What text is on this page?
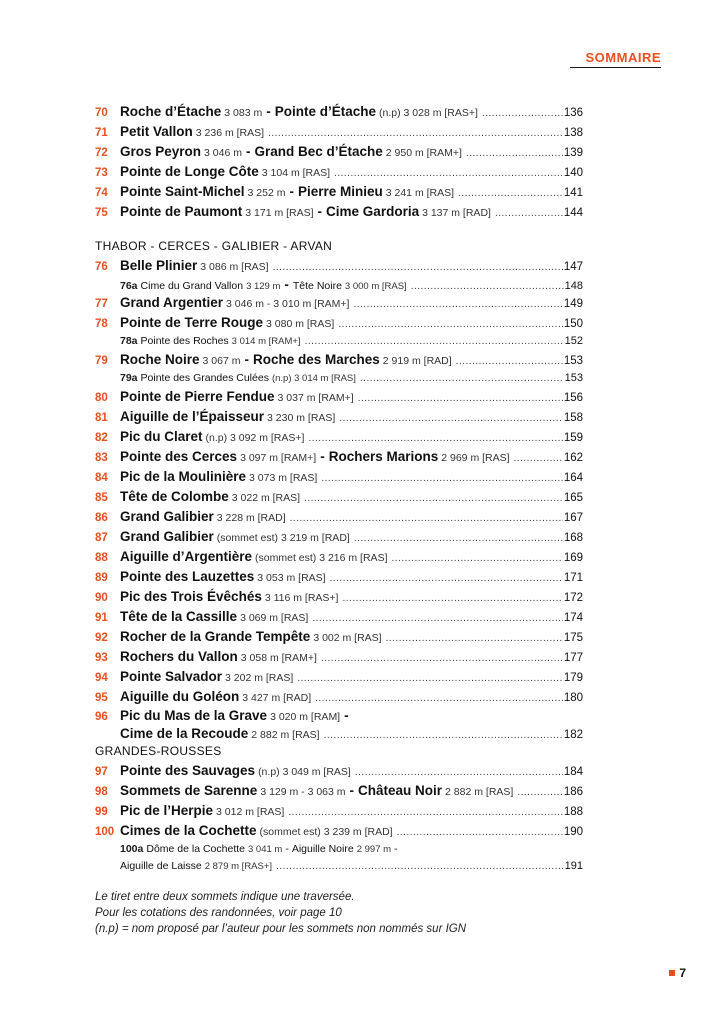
SOMMAIRE
70 Roche d’Étache 3 083 m - Pointe d’Étache (n.p) 3 028 m [RAS+] .....	136
71 Petit Vallon 3 236 m [RAS] .....	138
72 Gros Peyron 3 046 m - Grand Bec d’Étache 2 950 m [RAM+] .....	139
73 Pointe de Longe Côte 3 104 m [RAS] .....	140
74 Pointe Saint-Michel 3 252 m - Pierre Minieu 3 241 m [RAS] .....	141
75 Pointe de Paumont 3 171 m [RAS] - Cime Gardoria 3 137 m [RAD] .....	144
THABOR - CERCES - GALIBIER - ARVAN
76 Belle Plinier 3 086 m [RAS] .....	147
76a Cime du Grand Vallon 3 129 m - Tête Noire 3 000 m [RAS] .....	148
77 Grand Argentier 3 046 m - 3 010 m [RAM+] .....	149
78 Pointe de Terre Rouge 3 080 m [RAS] .....	150
78a Pointe des Roches 3 014 m [RAM+] .....	152
79 Roche Noire 3 067 m - Roche des Marches 2 919 m [RAD] .....	153
79a Pointe des Grandes Culées (n.p) 3 014 m [RAS] .....	153
80 Pointe de Pierre Fendue 3 037 m [RAM+] .....	156
81 Aiguille de l’Épaisseur 3 230 m [RAS] .....	158
82 Pic du Claret (n.p) 3 092 m [RAS+] .....	159
83 Pointe des Cerces 3 097 m [RAM+] - Rochers Marions 2 969 m [RAS] .....	162
84 Pic de la Moulinière 3 073 m [RAS] .....	164
85 Tête de Colombe 3 022 m [RAS] .....	165
86 Grand Galibier 3 228 m [RAD] .....	167
87 Grand Galibier (sommet est) 3 219 m [RAD] .....	168
88 Aiguille d’Argentière (sommet est) 3 216 m [RAS] .....	169
89 Pointe des Lauzettes 3 053 m [RAS] .....	171
90 Pic des Trois Évêchés 3 116 m [RAS+] .....	172
91 Tête de la Cassille 3 069 m [RAS] .....	174
92 Rocher de la Grande Tempête 3 002 m [RAS] .....	175
93 Rochers du Vallon 3 058 m [RAM+] .....	177
94 Pointe Salvador 3 202 m [RAS] .....	179
95 Aiguille du Goléon 3 427 m [RAD] .....	180
96 Pic du Mas de la Grave 3 020 m [RAM] -
Cime de la Recoude 2 882 m [RAS] .....	182
GRANDES-ROUSSES
97 Pointe des Sauvages (n.p) 3 049 m [RAS] .....	184
98 Sommets de Sarenne 3 129 m - 3 063 m - Château Noir 2 882 m [RAS] .....	186
99 Pic de l’Herpie 3 012 m [RAS] .....	188
100 Cimes de la Cochette (sommet est) 3 239 m [RAD] .....	190
100a Dôme de la Cochette 3 041 m - Aiguille Noire 2 997 m -
Aiguille de Laisse 2 879 m [RAS+] .....	191
Le tiret entre deux sommets indique une traversée.
Pour les cotations des randonnées, voir page 10
(n.p) = nom proposé par l’auteur pour les sommets non nommés sur IGN
7
